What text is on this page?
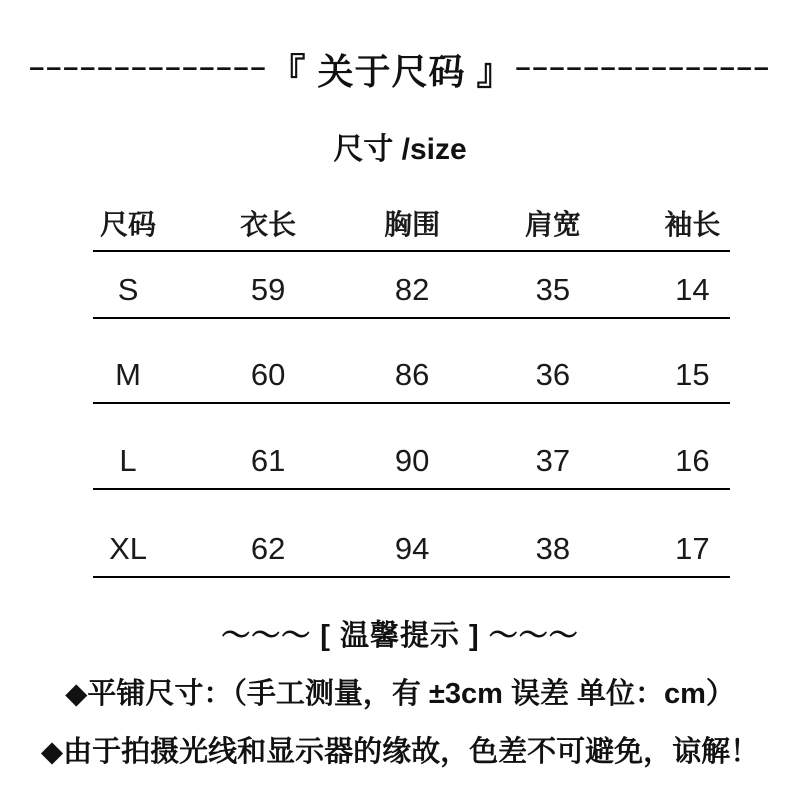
–––––––––––––– 『 关于尺码 』 –––––––––––––––
尺寸 /size
尺码	衣长	胸围	肩宽	袖长
S	59	82	35	14
M	60	86	36	15
L	61	90	37	16
XL	62	94	38	17
～～～ [ 温馨提示 ] ～～～
◆平铺尺寸：（手工测量，有 ±3cm 误差 单位：cm）
◆由于拍摄光线和显示器的缘故，色差不可避免，谅解！
